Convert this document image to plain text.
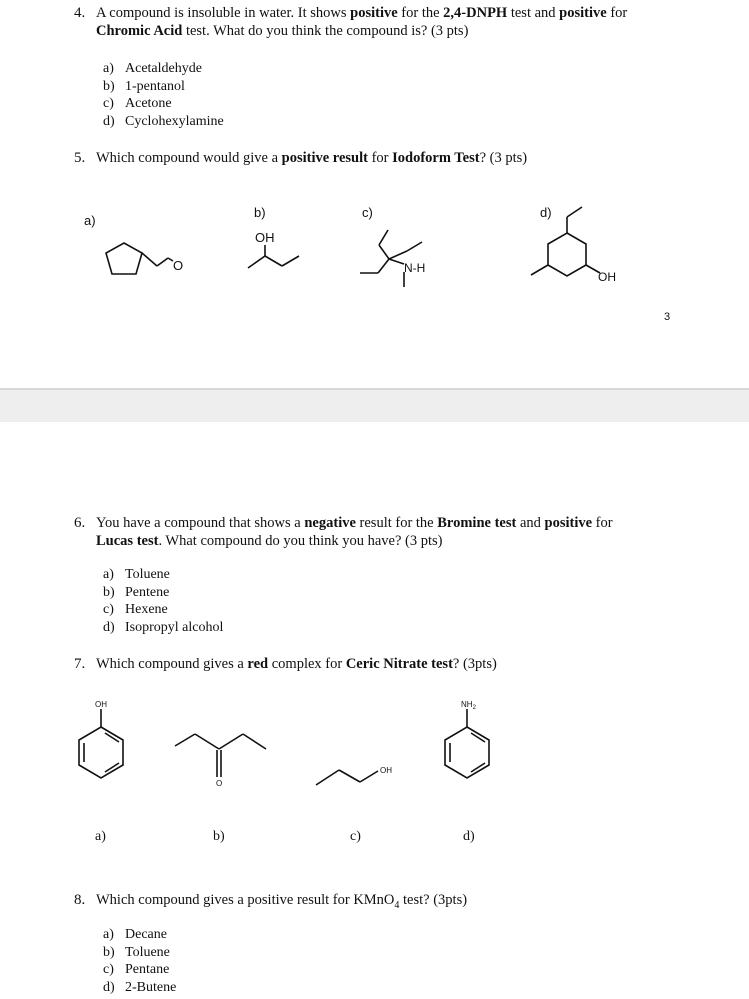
4. A compound is insoluble in water. It shows positive for the 2,4-DNPH test and positive for
Chromic Acid test. What do you think the compound is? (3 pts)
a) Acetaldehyde
b) 1-pentanol
c) Acetone
d) Cyclohexylamine
5. Which compound would give a positive result for Iodoform Test? (3 pts)
a)
b)	c)	d)
O
OH
N-H
OH
3
6. You have a compound that shows a negative result for the Bromine test and positive for
Lucas test. What compound do you think you have? (3 pts)
a) Toluene
b) Pentene
c) Hexene
d) Isopropyl alcohol
7. Which compound gives a red complex for Ceric Nitrate test? (3pts)
OH
O
OH
$NH_2$
a)	b)	c)	d)
8. Which compound gives a positive result for KMnO$_4$ test? (3pts)
a) Decane
b) Toluene
c) Pentane
d) 2-Butene
